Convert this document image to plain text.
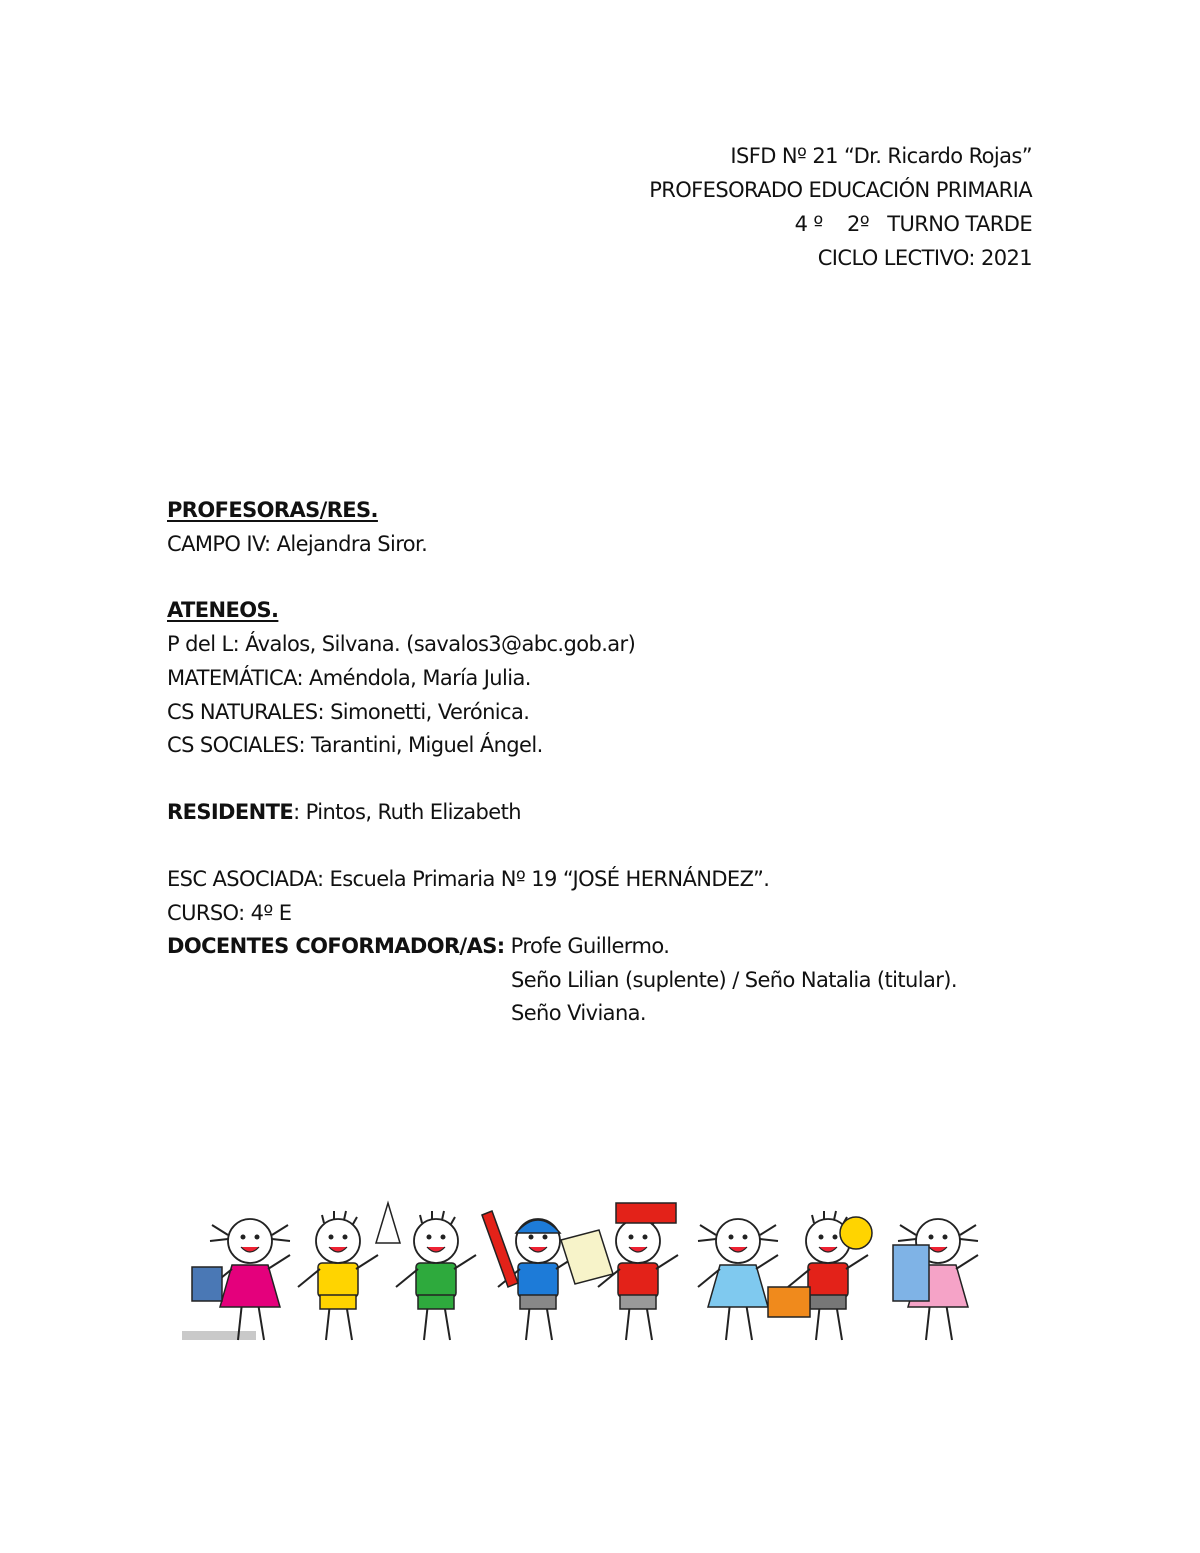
ISFD Nº 21 “Dr. Ricardo Rojas”
PROFESORADO EDUCACIÓN PRIMARIA
4 º    2º   TURNO TARDE
CICLO LECTIVO: 2021
PROFESORAS/RES.
CAMPO IV: Alejandra Siror.
ATENEOS.
P del L: Ávalos, Silvana. (savalos3@abc.gob.ar)
MATEMÁTICA: Améndola, María Julia.
CS NATURALES: Simonetti, Verónica.
CS SOCIALES: Tarantini, Miguel Ángel.
RESIDENTE: Pintos, Ruth Elizabeth
ESC ASOCIADA: Escuela Primaria Nº 19 “JOSÉ HERNÁNDEZ”.
CURSO: 4º E
DOCENTES COFORMADOR/AS: Profe Guillermo.
Seño Lilian (suplente) / Seño Natalia (titular).
Seño Viviana.
